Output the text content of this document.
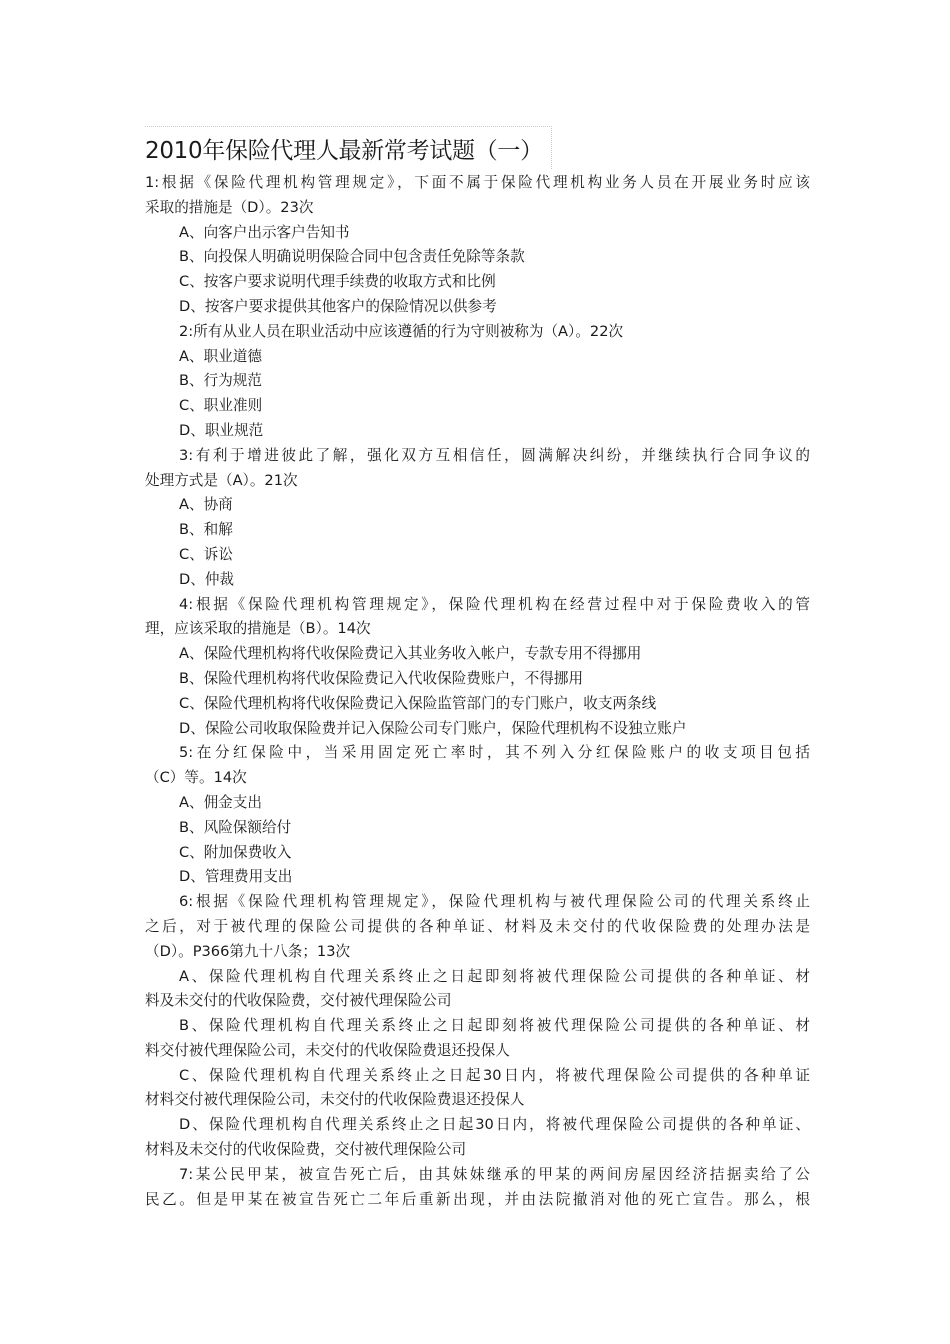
2010年保险代理人最新常考试题（一）
1:根据《保险代理机构管理规定》，下面不属于保险代理机构业务人员在开展业务时应该
采取的措施是（D）。23次
A、向客户出示客户告知书
B、向投保人明确说明保险合同中包含责任免除等条款
C、按客户要求说明代理手续费的收取方式和比例
D、按客户要求提供其他客户的保险情况以供参考
2:所有从业人员在职业活动中应该遵循的行为守则被称为（A）。22次
A、职业道德
B、行为规范
C、职业准则
D、职业规范
3:有利于增进彼此了解，强化双方互相信任，圆满解决纠纷，并继续执行合同争议的
处理方式是（A）。21次
A、协商
B、和解
C、诉讼
D、仲裁
4:根据《保险代理机构管理规定》，保险代理机构在经营过程中对于保险费收入的管
理，应该采取的措施是（B）。14次
A、保险代理机构将代收保险费记入其业务收入帐户，专款专用不得挪用
B、保险代理机构将代收保险费记入代收保险费账户，不得挪用
C、保险代理机构将代收保险费记入保险监管部门的专门账户，收支两条线
D、保险公司收取保险费并记入保险公司专门账户，保险代理机构不设独立账户
5:在分红保险中，当采用固定死亡率时，其不列入分红保险账户的收支项目包括
（C）等。14次
A、佣金支出
B、风险保额给付
C、附加保费收入
D、管理费用支出
6:根据《保险代理机构管理规定》，保险代理机构与被代理保险公司的代理关系终止
之后，对于被代理的保险公司提供的各种单证、材料及未交付的代收保险费的处理办法是
（D）。P366第九十八条；13次
A、保险代理机构自代理关系终止之日起即刻将被代理保险公司提供的各种单证、材
料及未交付的代收保险费，交付被代理保险公司
B、保险代理机构自代理关系终止之日起即刻将被代理保险公司提供的各种单证、材
料交付被代理保险公司，未交付的代收保险费退还投保人
C、保险代理机构自代理关系终止之日起30日内，将被代理保险公司提供的各种单证
材料交付被代理保险公司，未交付的代收保险费退还投保人
D、保险代理机构自代理关系终止之日起30日内，将被代理保险公司提供的各种单证、
材料及未交付的代收保险费，交付被代理保险公司
7:某公民甲某，被宣告死亡后，由其妹妹继承的甲某的两间房屋因经济拮据卖给了公
民乙。但是甲某在被宣告死亡二年后重新出现，并由法院撤消对他的死亡宣告。那么，根
